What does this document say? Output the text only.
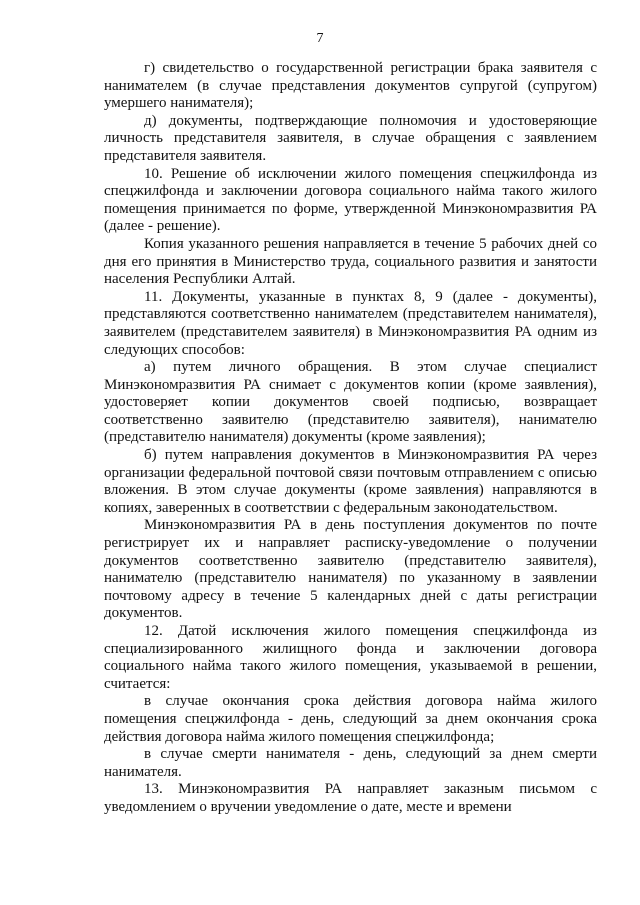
7

г) свидетельство о государственной регистрации брака заявителя с нанимателем (в случае представления документов супругой (супругом) умершего нанимателя);

д) документы, подтверждающие полномочия и удостоверяющие личность представителя заявителя, в случае обращения с заявлением представителя заявителя.

10. Решение об исключении жилого помещения спецжилфонда из спецжилфонда и заключении договора социального найма такого жилого помещения принимается по форме, утвержденной Минэкономразвития РА (далее - решение).

Копия указанного решения направляется в течение 5 рабочих дней со дня его принятия в Министерство труда, социального развития и занятости населения Республики Алтай.

11. Документы, указанные в пунктах 8, 9 (далее - документы), представляются соответственно нанимателем (представителем нанимателя), заявителем (представителем заявителя) в Минэкономразвития РА одним из следующих способов:

а) путем личного обращения. В этом случае специалист Минэкономразвития РА снимает с документов копии (кроме заявления), удостоверяет копии документов своей подписью, возвращает соответственно заявителю (представителю заявителя), нанимателю (представителю нанимателя) документы (кроме заявления);

б) путем направления документов в Минэкономразвития РА через организации федеральной почтовой связи почтовым отправлением с описью вложения. В этом случае документы (кроме заявления) направляются в копиях, заверенных в соответствии с федеральным законодательством.

Минэкономразвития РА в день поступления документов по почте регистрирует их и направляет расписку-уведомление о получении документов соответственно заявителю (представителю заявителя), нанимателю (представителю нанимателя) по указанному в заявлении почтовому адресу в течение 5 календарных дней с даты регистрации документов.

12. Датой исключения жилого помещения спецжилфонда из специализированного жилищного фонда и заключении договора социального найма такого жилого помещения, указываемой в решении, считается:

в случае окончания срока действия договора найма жилого помещения спецжилфонда - день, следующий за днем окончания срока действия договора найма жилого помещения спецжилфонда;

в случае смерти нанимателя - день, следующий за днем смерти нанимателя.

13. Минэкономразвития РА направляет заказным письмом с уведомлением о вручении уведомление о дате, месте и времени
